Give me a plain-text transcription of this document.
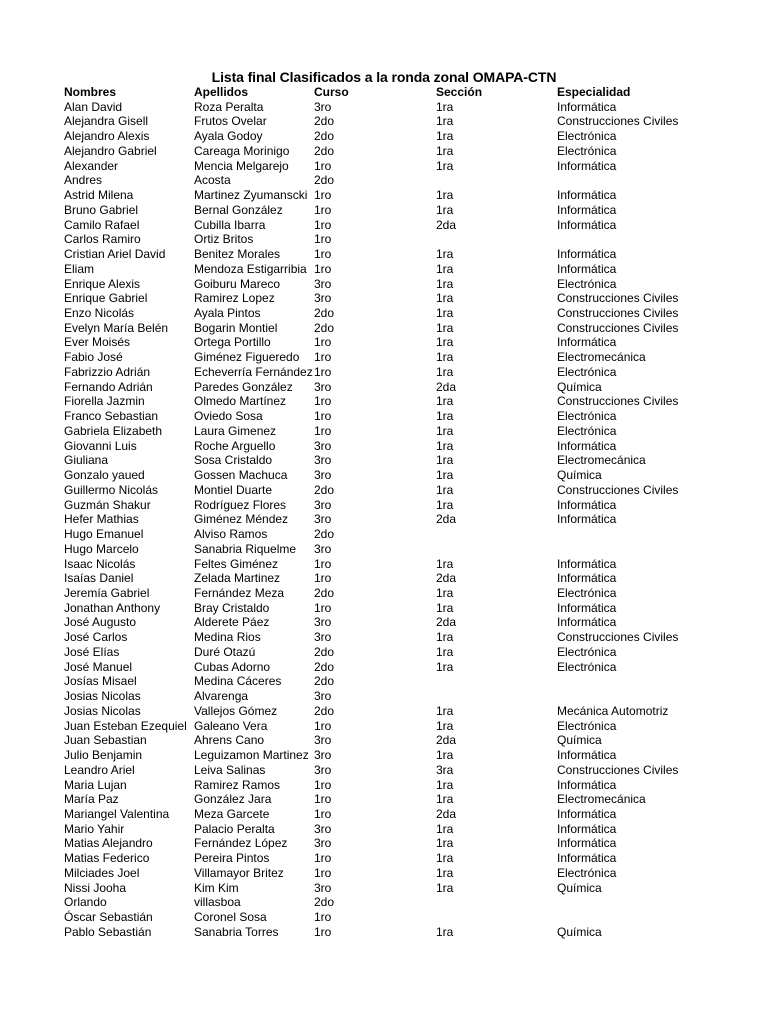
Lista final Clasificados a la ronda zonal OMAPA-CTN
Nombres	Apellidos	Curso	Sección	Especialidad
Alan David	Roza Peralta	3ro	1ra	Informática
Alejandra Gisell	Frutos Ovelar	2do	1ra	Construcciones Civiles
Alejandro Alexis	Ayala Godoy	2do	1ra	Electrónica
Alejandro Gabriel	Careaga Morinigo	2do	1ra	Electrónica
Alexander	Mencia Melgarejo	1ro	1ra	Informática
Andres	Acosta	2do		
Astrid Milena	Martinez Zyumanscki	1ro	1ra	Informática
Bruno Gabriel	Bernal González	1ro	1ra	Informática
Camilo Rafael	Cubilla Ibarra	1ro	2da	Informática
Carlos Ramiro	Ortiz Britos	1ro		
Cristian Ariel David	Benitez Morales	1ro	1ra	Informática
Eliam	Mendoza Estigarribia	1ro	1ra	Informática
Enrique Alexis	Goiburu Mareco	3ro	1ra	Electrónica
Enrique Gabriel	Ramirez Lopez	3ro	1ra	Construcciones Civiles
Enzo Nicolás	Ayala Pintos	2do	1ra	Construcciones Civiles
Evelyn María Belén	Bogarin Montiel	2do	1ra	Construcciones Civiles
Ever Moisés	Ortega Portillo	1ro	1ra	Informática
Fabio José	Giménez Figueredo	1ro	1ra	Electromecánica
Fabrizzio Adrián	Echeverría Fernández	1ro	1ra	Electrónica
Fernando Adrián	Paredes González	3ro	2da	Química
Fiorella Jazmin	Olmedo Martínez	1ro	1ra	Construcciones Civiles
Franco Sebastian	Oviedo Sosa	1ro	1ra	Electrónica
Gabriela Elizabeth	Laura Gimenez	1ro	1ra	Electrónica
Giovanni Luis	Roche Arguello	3ro	1ra	Informática
Giuliana	Sosa Cristaldo	3ro	1ra	Electromecánica
Gonzalo yaued	Gossen Machuca	3ro	1ra	Química
Guillermo Nicolás	Montiel Duarte	2do	1ra	Construcciones Civiles
Guzmán Shakur	Rodríguez Flores	3ro	1ra	Informática
Hefer Mathias	Giménez Méndez	3ro	2da	Informática
Hugo Emanuel	Alviso Ramos	2do		
Hugo Marcelo	Sanabria Riquelme	3ro		
Isaac Nicolás	Feltes Giménez	1ro	1ra	Informática
Isaías Daniel	Zelada Martinez	1ro	2da	Informática
Jeremía Gabriel	Fernández Meza	2do	1ra	Electrónica
Jonathan Anthony	Bray Cristaldo	1ro	1ra	Informática
José Augusto	Alderete Páez	3ro	2da	Informática
José Carlos	Medina Rios	3ro	1ra	Construcciones Civiles
José Elías	Duré Otazú	2do	1ra	Electrónica
José Manuel	Cubas Adorno	2do	1ra	Electrónica
Josías Misael	Medina Cáceres	2do		
Josias Nicolas	Alvarenga	3ro		
Josias Nicolas	Vallejos Gómez	2do	1ra	Mecánica Automotriz
Juan Esteban Ezequiel	Galeano Vera	1ro	1ra	Electrónica
Juan Sebastian	Ahrens Cano	3ro	2da	Química
Julio Benjamin	Leguizamon Martinez	3ro	1ra	Informática
Leandro Ariel	Leiva Salinas	3ro	3ra	Construcciones Civiles
Maria Lujan	Ramirez Ramos	1ro	1ra	Informática
María Paz	González Jara	1ro	1ra	Electromecánica
Mariangel Valentina	Meza Garcete	1ro	2da	Informática
Mario Yahir	Palacio Peralta	3ro	1ra	Informática
Matias Alejandro	Fernández López	3ro	1ra	Informática
Matias Federico	Pereira Pintos	1ro	1ra	Informática
Milciades Joel	Villamayor Britez	1ro	1ra	Electrónica
Nissi Jooha	Kim Kim	3ro	1ra	Química
Orlando	villasboa	2do		
Óscar Sebastián	Coronel Sosa	1ro		
Pablo Sebastián	Sanabria Torres	1ro	1ra	Química
